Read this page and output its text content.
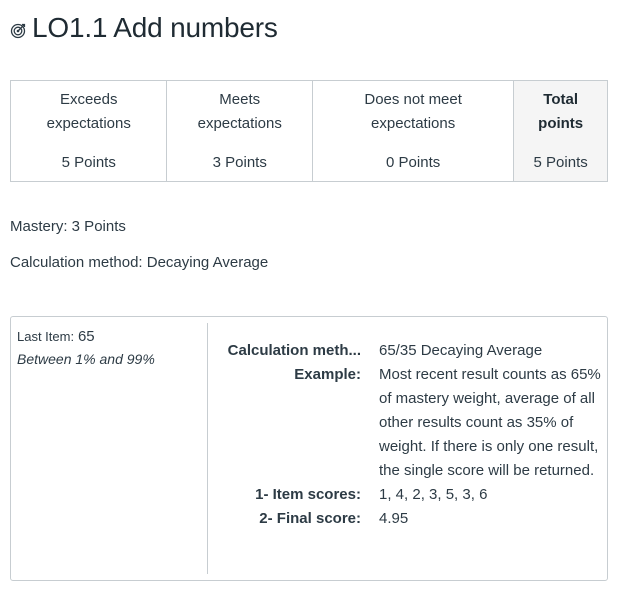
LO1.1 Add numbers
Exceeds
expectations
5 Points
Meets
expectations
3 Points
Does not meet
expectations
0 Points
Total
points
5 Points
Mastery: 3 Points
Calculation method: Decaying Average
Last Item: 65
Between 1% and 99%	Calculation meth... 65/35 Decaying Average
Example: Most recent result counts as 65% of mastery weight, average of all other results count as 35% of weight. If there is only one result, the single score will be returned.
1- Item scores: 1, 4, 2, 3, 5, 3, 6
2- Final score: 4.95
